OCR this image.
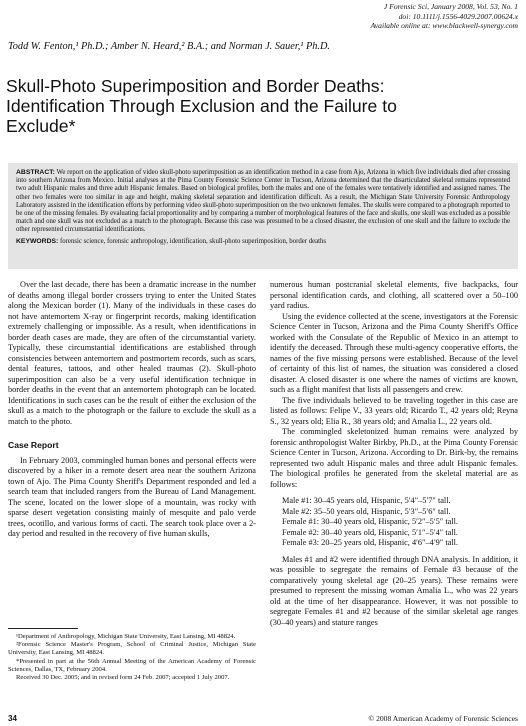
J Forensic Sci, January 2008, Vol. 53, No. 1
doi: 10.1111/j.1556-4029.2007.00624.x
Available online at: www.blackwell-synergy.com
Todd W. Fenton,¹ Ph.D.; Amber N. Heard,² B.A.; and Norman J. Sauer,¹ Ph.D.
Skull-Photo Superimposition and Border Deaths: Identification Through Exclusion and the Failure to Exclude*
ABSTRACT: We report on the application of video skull-photo superimposition as an identification method in a case from Ajo, Arizona in which five individuals died after crossing into southern Arizona from Mexico. Initial analyses at the Pima County Forensic Science Center in Tucson, Arizona determined that the disarticulated skeletal remains represented two adult Hispanic males and three adult Hispanic females. Based on biological profiles, both the males and one of the females were tentatively identified and assigned names. The other two females were too similar in age and height, making skeletal separation and identification difficult. As a result, the Michigan State University Forensic Anthropology Laboratory assisted in the identification efforts by performing video skull-photo superimposition on the two unknown females. The skulls were compared to a photograph reported to be one of the missing females. By evaluating facial proportionality and by comparing a number of morphological features of the face and skulls, one skull was excluded as a possible match and one skull was not excluded as a match to the photograph. Because this case was presumed to be a closed disaster, the exclusion of one skull and the failure to exclude the other represented circumstantial identifications.
KEYWORDS: forensic science, forensic anthropology, identification, skull-photo superimposition, border deaths

Over the last decade, there has been a dramatic increase in the number of deaths among illegal border crossers trying to enter the United States along the Mexican border (1). Many of the individuals in these cases do not have antemortem X-ray or fingerprint records, making identification extremely challenging or impossible. As a result, when identifications in border death cases are made, they are often of the circumstantial variety. Typically, these circumstantial identifications are established through consistencies between antemortem and postmortem records, such as scars, dental features, tattoos, and other healed traumas (2). Skull-photo superimposition can also be a very useful identification technique in border deaths in the event that an antemortem photograph can be located. Identifications in such cases can be the result of either the exclusion of the skull as a match to the photograph or the failure to exclude the skull as a match to the photo.

Case Report

In February 2003, commingled human bones and personal effects were discovered by a hiker in a remote desert area near the southern Arizona town of Ajo. The Pima County Sheriff's Department responded and led a search team that included rangers from the Bureau of Land Management. The scene, located on the lower slope of a mountain, was rocky with sparse desert vegetation consisting mainly of mesquite and palo verde trees, ocotillo, and various forms of cacti. The search took place over a 2-day period and resulted in the recovery of five human skulls,

numerous human postcranial skeletal elements, five backpacks, four personal identification cards, and clothing, all scattered over a 50–100 yard radius.

Using the evidence collected at the scene, investigators at the Forensic Science Center in Tucson, Arizona and the Pima County Sheriff's Office worked with the Consulate of the Republic of Mexico in an attempt to identify the deceased. Through these multi-agency cooperative efforts, the names of the five missing persons were established. Because of the level of certainty of this list of names, the situation was considered a closed disaster. A closed disaster is one where the names of victims are known, such as a flight manifest that lists all passengers and crew.

The five individuals believed to be traveling together in this case are listed as follows: Felipe V., 33 years old; Ricardo T., 42 years old; Reyna S., 32 years old; Elia R., 38 years old; and Amalia L., 22 years old.

The commingled skeletonized human remains were analyzed by forensic anthropologist Walter Birkby, Ph.D., at the Pima County Forensic Science Center in Tucson, Arizona. According to Dr. Birk-by, the remains represented two adult Hispanic males and three adult Hispanic females. The biological profiles he generated from the skeletal material are as follows:

Male #1: 30–45 years old, Hispanic, 5′4″–5′7″ tall.

Male #2: 35–50 years old, Hispanic, 5′3″–5′6″ tall.

Female #1: 30–40 years old, Hispanic, 5′2″–5′5″ tall.

Female #2: 30–40 years old, Hispanic, 5′1″–5′4″ tall.

Female #3: 20–25 years old, Hispanic, 4′6″–4′9″ tall.

Males #1 and #2 were identified through DNA analysis. In addition, it was possible to segregate the remains of Female #3 because of the comparatively young skeletal age (20–25 years). These remains were presumed to represent the missing woman Amalia L., who was 22 years old at the time of her disappearance. However, it was not possible to segregate Females #1 and #2 because of the similar skeletal age ranges (30–40 years) and stature ranges

¹Department of Anthropology, Michigan State University, East Lansing, MI 48824.

²Forensic Science Master's Program, School of Criminal Justice, Michigan State University, East Lansing, MI 48824.

*Presented in part at the 56th Annual Meeting of the American Academy of Forensic Sciences, Dallas, TX, February 2004.

Received 30 Dec. 2005; and in revised form 24 Feb. 2007; accepted 1 July 2007.

34	© 2008 American Academy of Forensic Sciences
